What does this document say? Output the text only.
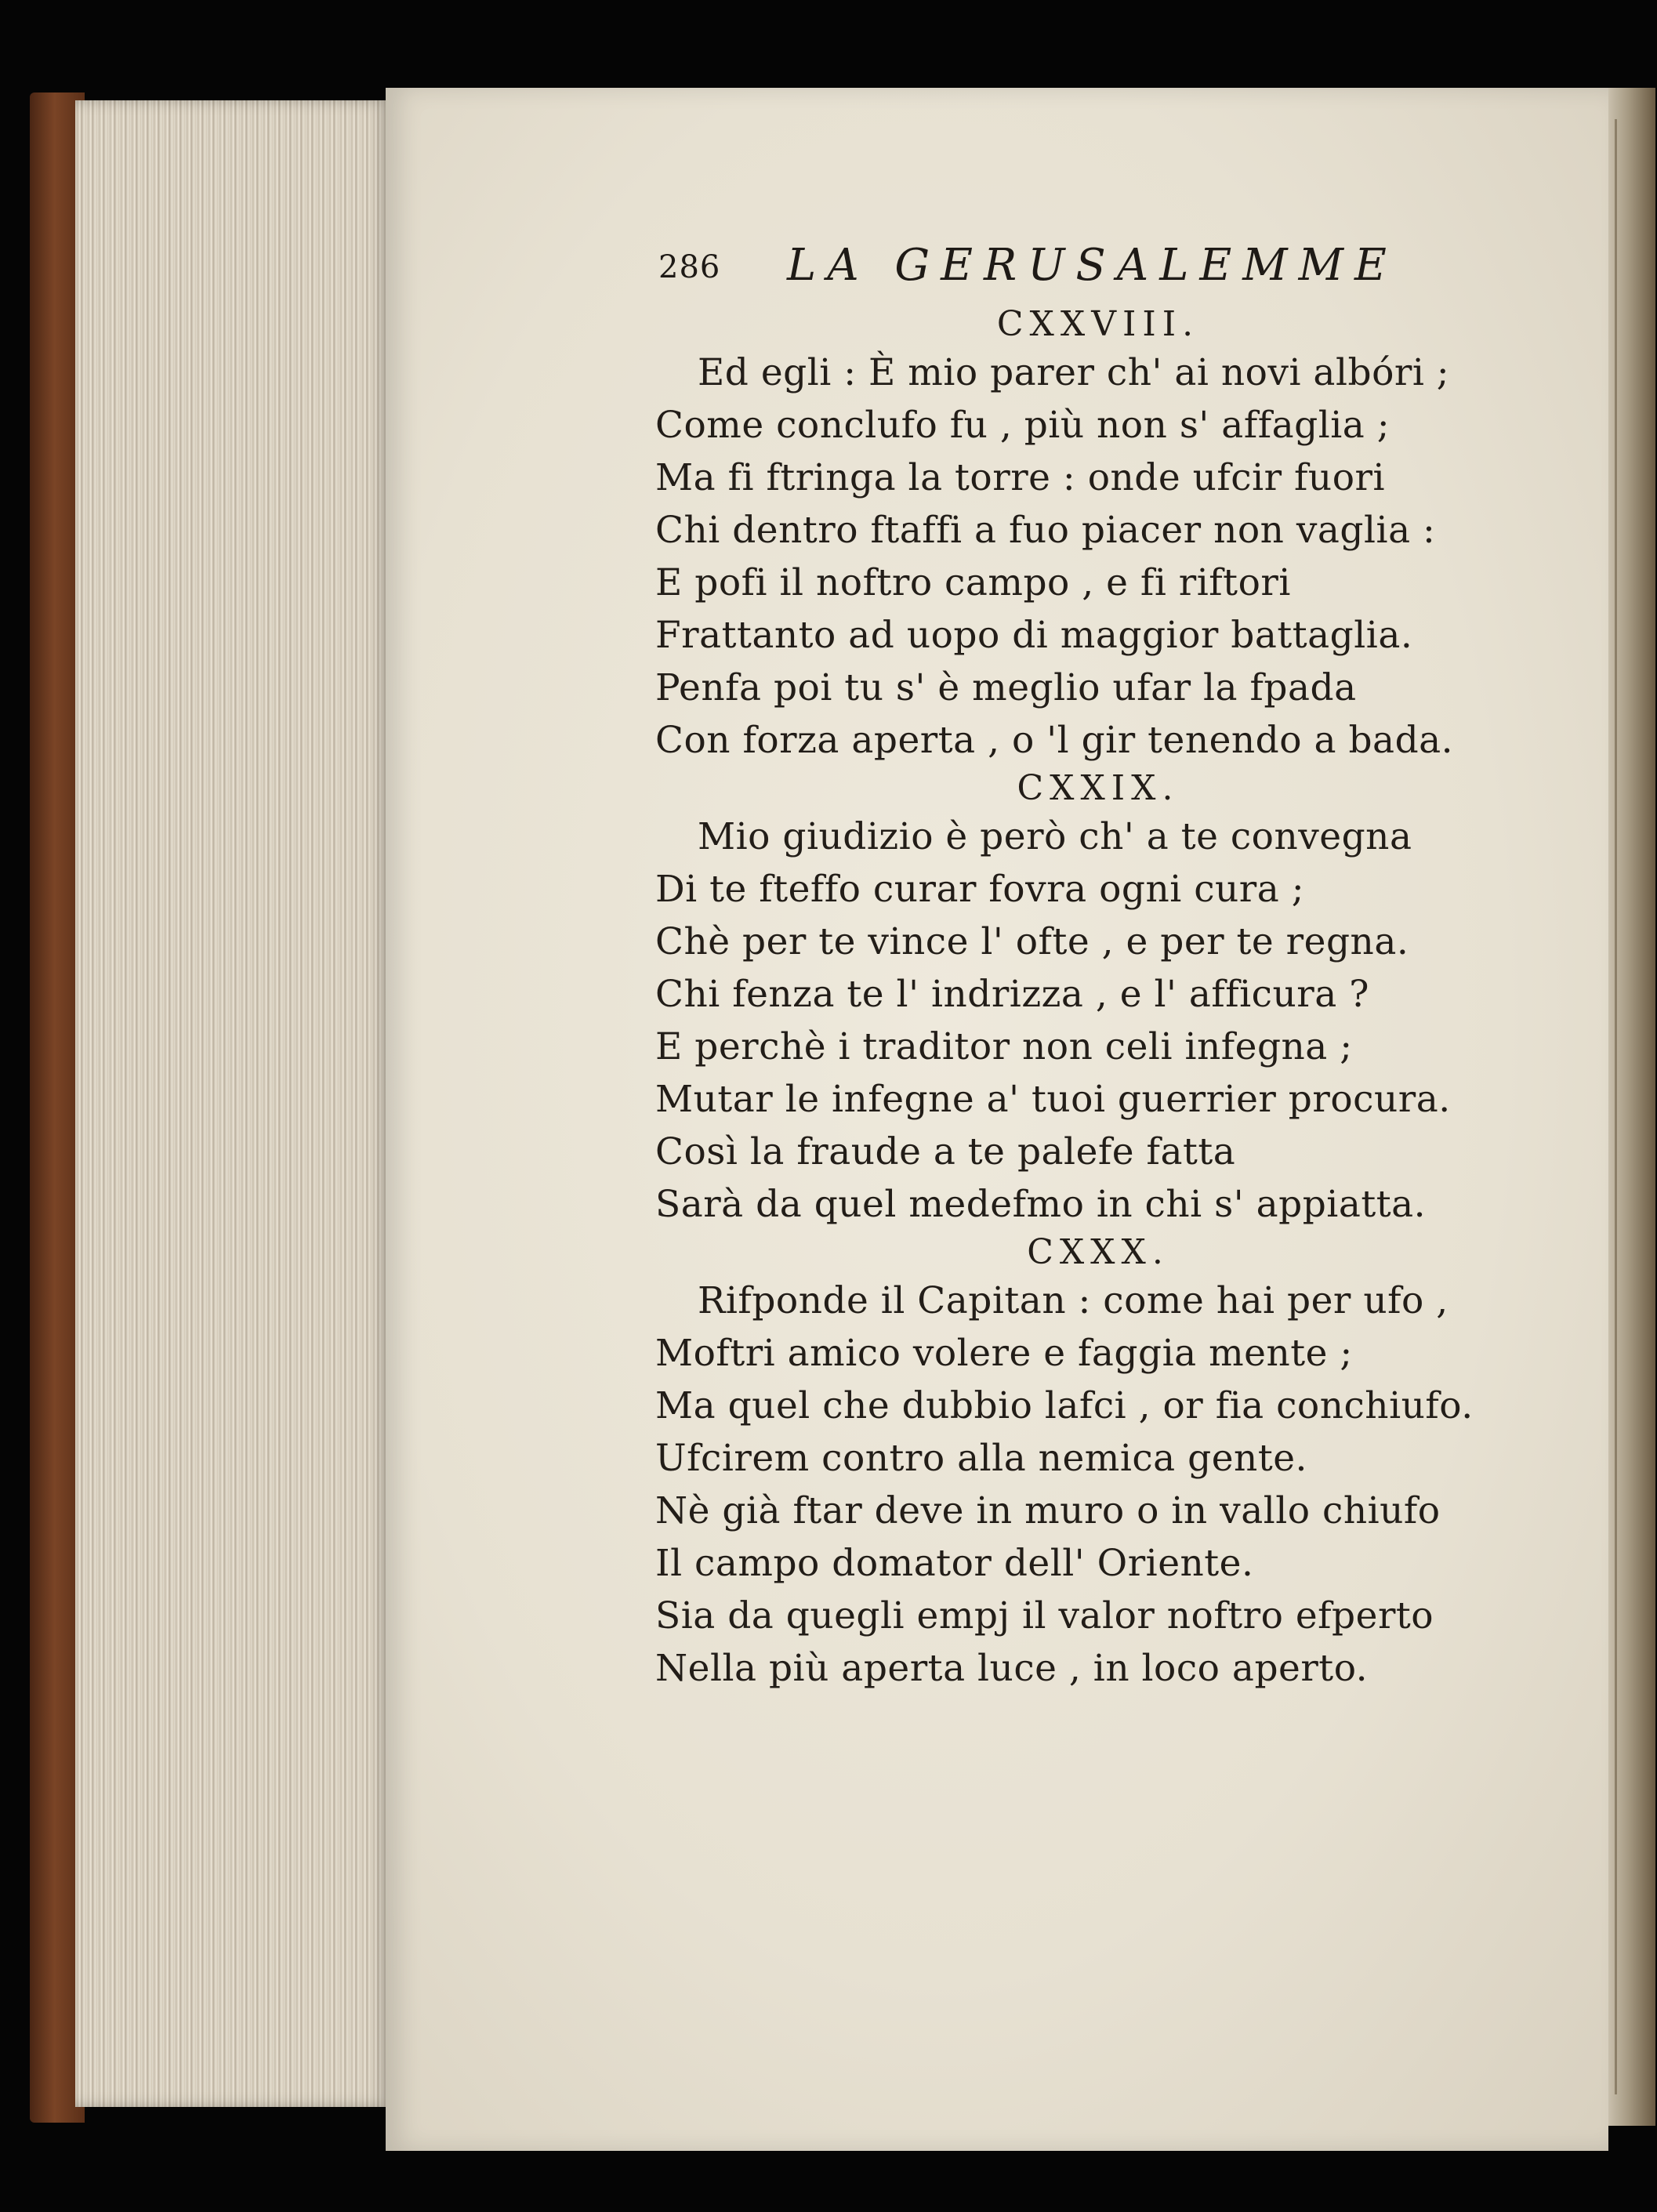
286 LA GERUSALEMME
CXXVIII.
Ed egli : È mio parer ch' ai novi albóri ;
Come conclufo fu , più non s' affaglia ;
Ma fi ftringa la torre : onde ufcir fuori
Chi dentro ftaffi a fuo piacer non vaglia :
E pofi il noftro campo , e fi riftori
Frattanto ad uopo di maggior battaglia.
Penfa poi tu s' è meglio ufar la fpada
Con forza aperta , o 'l gir tenendo a bada.
CXXIX.
Mio giudizio è però ch' a te convegna
Di te fteffo curar fovra ogni cura ;
Chè per te vince l' ofte , e per te regna.
Chi fenza te l' indrizza , e l' afficura ?
E perchè i traditor non celi infegna ;
Mutar le infegne a' tuoi guerrier procura.
Così la fraude a te palefe fatta
Sarà da quel medefmo in chi s' appiatta.
CXXX.
Rifponde il Capitan : come hai per ufo ,
Moftri amico volere e faggia mente ;
Ma quel che dubbio lafci , or fia conchiufo.
Ufcirem contro alla nemica gente.
Nè già ftar deve in muro o in vallo chiufo
Il campo domator dell' Oriente.
Sia da quegli empj il valor noftro efperto
Nella più aperta luce , in loco aperto.
